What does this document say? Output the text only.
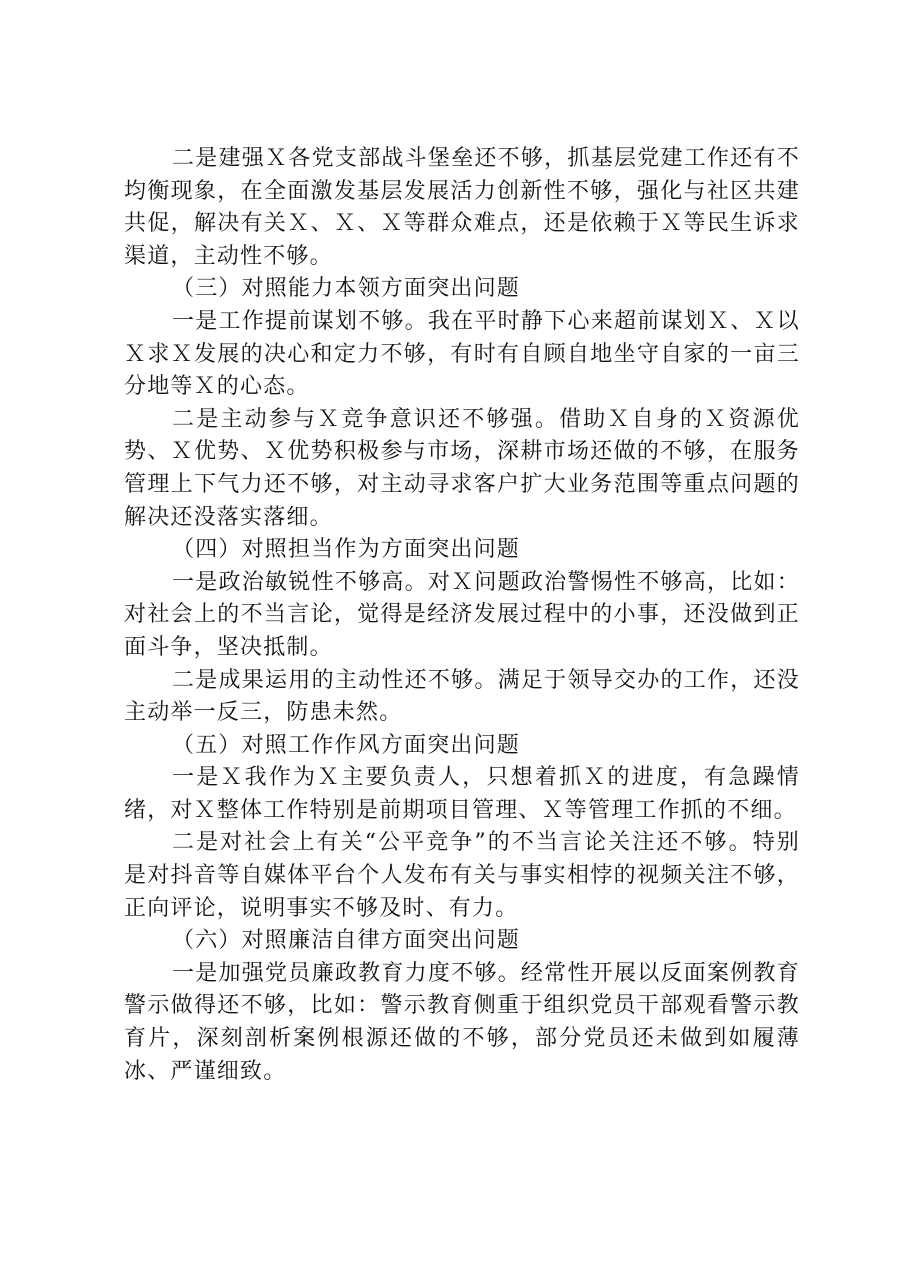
二是建强Ｘ各党支部战斗堡垒还不够，抓基层党建工作还有不均衡现象，在全面激发基层发展活力创新性不够，强化与社区共建共促，解决有关Ｘ、Ｘ、Ｘ等群众难点，还是依赖于Ｘ等民生诉求渠道，主动性不够。

（三）对照能力本领方面突出问题

一是工作提前谋划不够。我在平时静下心来超前谋划Ｘ、Ｘ以Ｘ求Ｘ发展的决心和定力不够，有时有自顾自地坐守自家的一亩三分地等Ｘ的心态。

二是主动参与Ｘ竞争意识还不够强。借助Ｘ自身的Ｘ资源优势、Ｘ优势、Ｘ优势积极参与市场，深耕市场还做的不够，在服务管理上下气力还不够，对主动寻求客户扩大业务范围等重点问题的解决还没落实落细。

（四）对照担当作为方面突出问题

一是政治敏锐性不够高。对Ｘ问题政治警惕性不够高，比如：对社会上的不当言论，觉得是经济发展过程中的小事，还没做到正面斗争，坚决抵制。

二是成果运用的主动性还不够。满足于领导交办的工作，还没主动举一反三，防患未然。

（五）对照工作作风方面突出问题

一是Ｘ我作为Ｘ主要负责人，只想着抓Ｘ的进度，有急躁情绪，对Ｘ整体工作特别是前期项目管理、Ｘ等管理工作抓的不细。

二是对社会上有关“公平竞争”的不当言论关注还不够。特别是对抖音等自媒体平台个人发布有关与事实相悖的视频关注不够，正向评论，说明事实不够及时、有力。

（六）对照廉洁自律方面突出问题

一是加强党员廉政教育力度不够。经常性开展以反面案例教育警示做得还不够，比如：警示教育侧重于组织党员干部观看警示教育片，深刻剖析案例根源还做的不够，部分党员还未做到如履薄冰、严谨细致。
